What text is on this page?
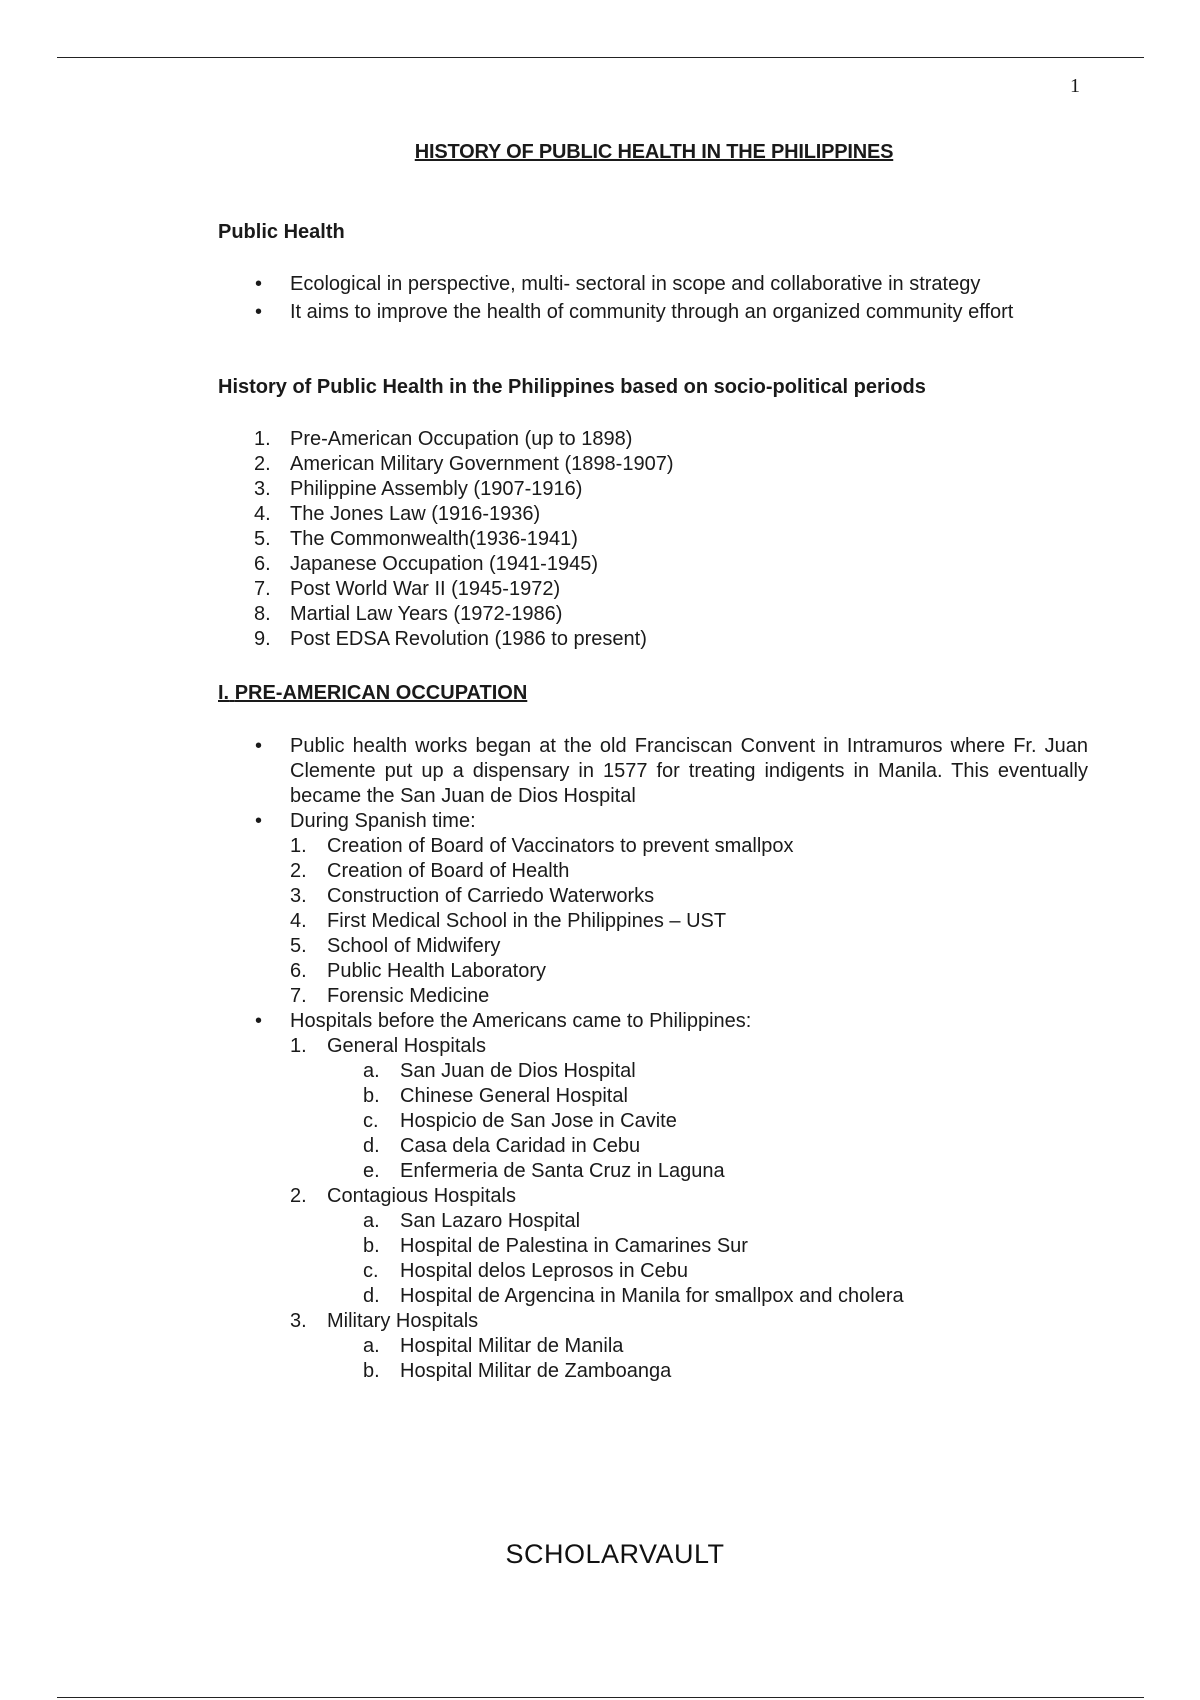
1
HISTORY OF PUBLIC HEALTH IN THE PHILIPPINES
Public Health
• Ecological in perspective, multi- sectoral in scope and collaborative in strategy
• It aims to improve the health of community through an organized community effort
History of Public Health in the Philippines based on socio-political periods
1. Pre-American Occupation (up to 1898)
2. American Military Government (1898-1907)
3. Philippine Assembly (1907-1916)
4. The Jones Law (1916-1936)
5. The Commonwealth(1936-1941)
6. Japanese Occupation (1941-1945)
7. Post World War II (1945-1972)
8. Martial Law Years (1972-1986)
9. Post EDSA Revolution (1986 to present)
I. PRE-AMERICAN OCCUPATION
• Public health works began at the old Franciscan Convent in Intramuros where Fr. Juan Clemente put up a dispensary in 1577 for treating indigents in Manila. This eventually became the San Juan de Dios Hospital
• During Spanish time:
1.	Creation of Board of Vaccinators to prevent smallpox
2.	Creation of Board of Health
3.	Construction of Carriedo Waterworks
4.	First Medical School in the Philippines – UST
5.	School of Midwifery
6.	Public Health Laboratory
7.	Forensic Medicine
• Hospitals before the Americans came to Philippines:
1.	General Hospitals
a.	San Juan de Dios Hospital
b.	Chinese General Hospital
c.	Hospicio de San Jose in Cavite
d.	Casa dela Caridad in Cebu
e.	Enfermeria de Santa Cruz in Laguna
2.	Contagious Hospitals
a.	San Lazaro Hospital
b.	Hospital de Palestina in Camarines Sur
c.	Hospital delos Leprosos in Cebu
d.	Hospital de Argencina in Manila for smallpox and cholera
3.	Military Hospitals
a.	Hospital Militar de Manila
b.	Hospital Militar de Zamboanga
SCHOLARVAULT
